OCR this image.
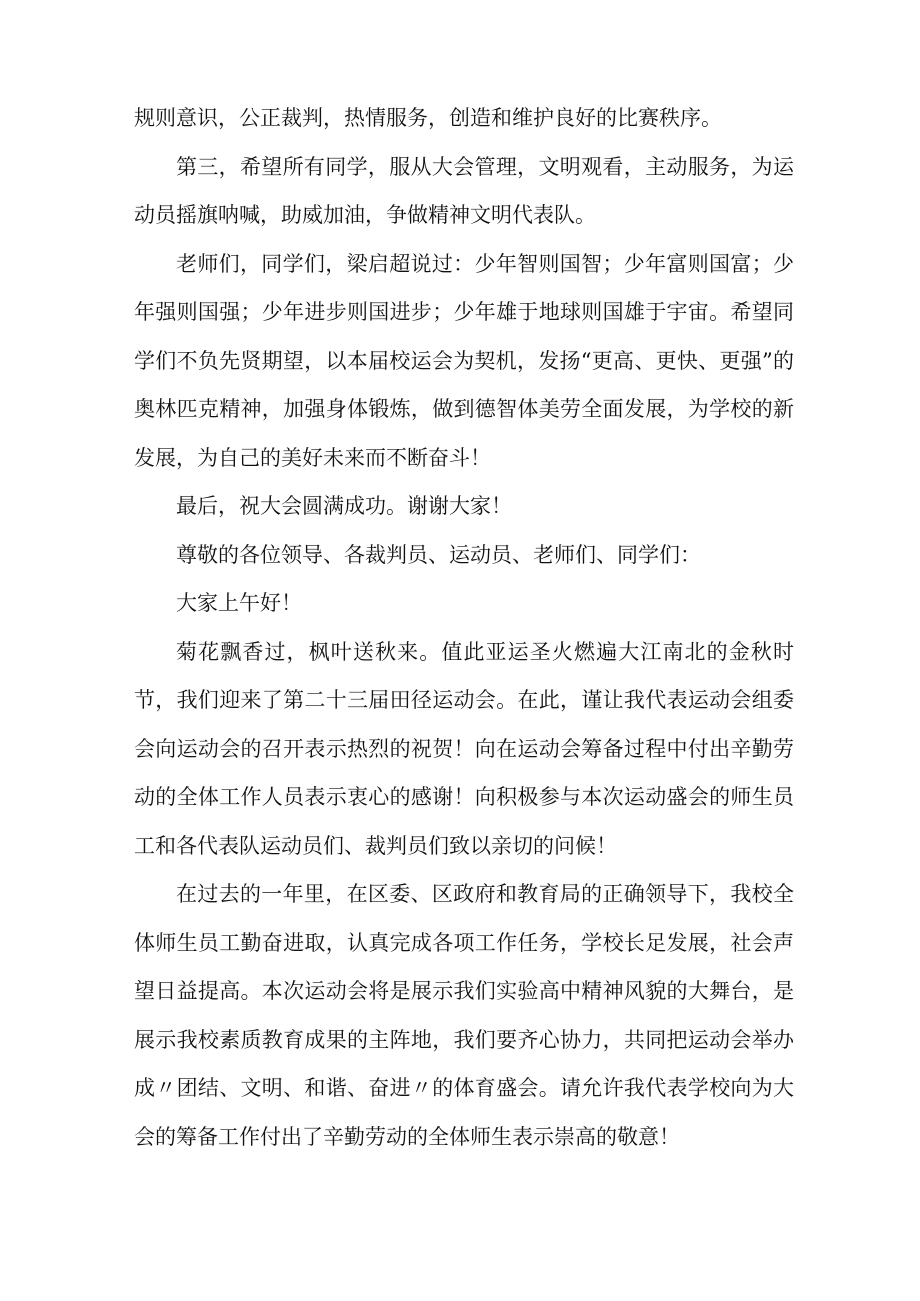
规则意识，公正裁判，热情服务，创造和维护良好的比赛秩序。

第三，希望所有同学，服从大会管理，文明观看，主动服务，为运动员摇旗呐喊，助威加油，争做精神文明代表队。

老师们，同学们，梁启超说过：少年智则国智；少年富则国富；少年强则国强；少年进步则国进步；少年雄于地球则国雄于宇宙。希望同学们不负先贤期望，以本届校运会为契机，发扬“更高、更快、更强”的奥林匹克精神，加强身体锻炼，做到德智体美劳全面发展，为学校的新发展，为自己的美好未来而不断奋斗！

最后，祝大会圆满成功。谢谢大家！

尊敬的各位领导、各裁判员、运动员、老师们、同学们：

大家上午好！

菊花飘香过，枫叶送秋来。值此亚运圣火燃遍大江南北的金秋时节，我们迎来了第二十三届田径运动会。在此，谨让我代表运动会组委会向运动会的召开表示热烈的祝贺！向在运动会筹备过程中付出辛勤劳动的全体工作人员表示衷心的感谢！向积极参与本次运动盛会的师生员工和各代表队运动员们、裁判员们致以亲切的问候！

在过去的一年里，在区委、区政府和教育局的正确领导下，我校全体师生员工勤奋进取，认真完成各项工作任务，学校长足发展，社会声望日益提高。本次运动会将是展示我们实验高中精神风貌的大舞台，是展示我校素质教育成果的主阵地，我们要齐心协力，共同把运动会举办成〃团结、文明、和谐、奋进〃的体育盛会。请允许我代表学校向为大会的筹备工作付出了辛勤劳动的全体师生表示崇高的敬意！
